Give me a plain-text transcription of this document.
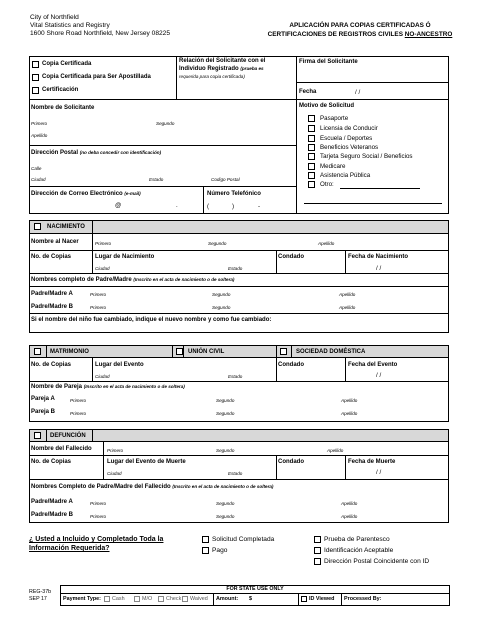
City of Northfield
Vital Statistics and Registry
1600 Shore Road Northfield, New Jersey 08225
APLICACIÓN PARA COPIAS CERTIFICADAS Ó
CERTIFICACIONES DE REGISTROS CIVILES NO-ANCESTRO
Copia Certificada
Copia Certificada para Ser Apostillada
Certificación
Relación del Solicitante con el
Individuo Registrado (prueba es
requerida para copia certificada)
Firma del Solicitante
Fecha	/ /
Nombre de Solicitante
Primero	Segundo
Apellido
Dirección Postal (no deba concedir con identificación)
Calle
Ciudad	Estado	Codigo Postal
Dirección de Correo Electrónico (e-mail)
@	.
Número Telefónico
(	)	-
Motivo de Solicitud
Pasaporte
Licensia de Conducir
Escuela / Deportes
Beneficios Veteranos
Tarjeta Seguro Social / Beneficios
Medicare
Asistencia Pública
Otro:
NACIMIENTO
Nombre al Nacer	Primero	Segundo	Apellido
No. de Copias	Lugar de Nacimiento
Ciudad	Estado
Condado	Fecha de Nacimiento
/ /
Nombres completo de Padre/Madre (Inscrito en el acta de nacimiento o de soltera)
Padre/Madre A	Primero	Segundo	Apellido
Padre/Madre B	Primero	Segundo	Apellido
Si el nombre del niño fue cambiado, indique el nuevo nombre y como fue cambiado:
MATRIMONIO	UNIÓN CIVIL	SOCIEDAD DOMÉSTICA
No. de Copias	Lugar del Evento
Ciudad	Estado
Condado	Fecha del Evento
/ /
Nombre de Pareja (Inscrito en el acta de nacimiento o de soltera)
Pareja A	Primero	Segundo	Apellido
Pareja B	Primero	Segundo	Apellido
DEFUNCIÓN
Nombre del Fallecido	Primero	Segundo	Apellido
No. de Copias	Lugar del Evento de Muerte
Ciudad	Estado
Condado	Fecha de Muerte
/ /
Nombres Completo de Padre/Madre del Fallecido (Inscrito en el acta de nacimiento o de soltera)
Padre/Madre A	Primero	Segundo	Apellido
Padre/Madre B	Primero	Segundo	Apellido
¿ Usted a Incluido y Completado Toda la
Información Requerida?
Solicitud Completada
Pago
Prueba de Parentesco
Identificación Aceptable
Dirección Postal Coincidente con ID
REG-37b
SEP 17
FOR STATE USE ONLY
Payment Type: Cash	M/O	Check Waived Amount: $	ID Viewed Processed By:
